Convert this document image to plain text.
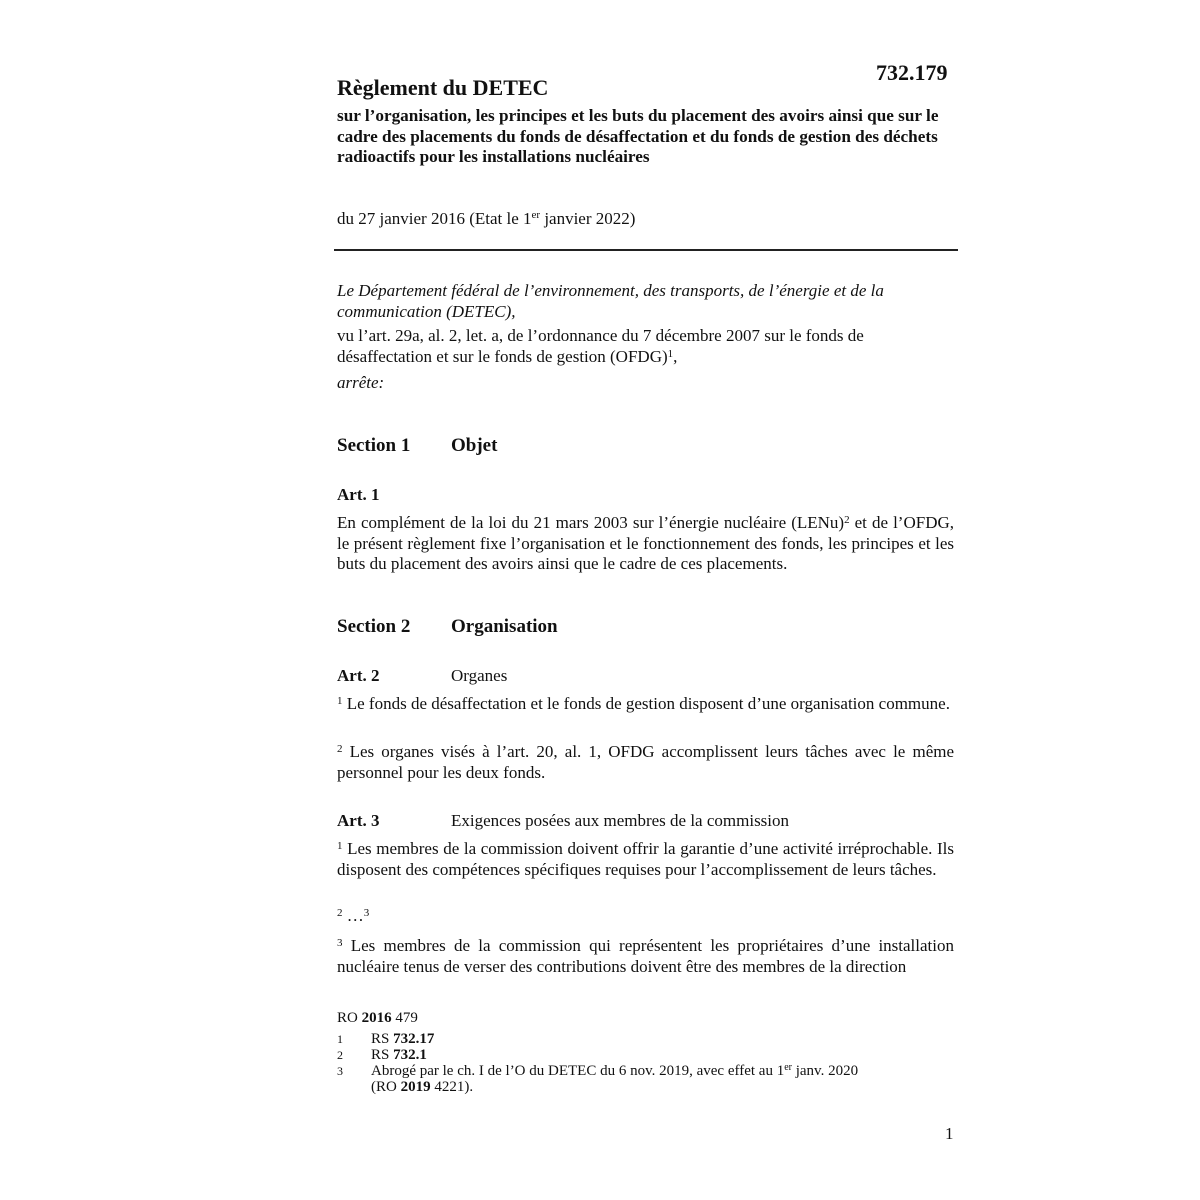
732.179
Règlement du DETEC
sur l’organisation, les principes et les buts du placement des avoirs ainsi que sur le cadre des placements du fonds de désaffectation et du fonds de gestion des déchets radioactifs pour les installations nucléaires
du 27 janvier 2016 (Etat le 1er janvier 2022)
Le Département fédéral de l’environnement, des transports, de l’énergie et de la communication (DETEC),
vu l’art. 29a, al. 2, let. a, de l’ordonnance du 7 décembre 2007 sur le fonds de désaffectation et sur le fonds de gestion (OFDG)$^1$,
arrête:
Section 1 Objet
Art. 1
En complément de la loi du 21 mars 2003 sur l’énergie nucléaire (LENu)$^2$ et de l’OFDG, le présent règlement fixe l’organisation et le fonctionnement des fonds, les principes et les buts du placement des avoirs ainsi que le cadre de ces placements.
Section 2 Organisation
Art. 2	Organes
$^1$ Le fonds de désaffectation et le fonds de gestion disposent d’une organisation commune.
$^2$ Les organes visés à l’art. 20, al. 1, OFDG accomplissent leurs tâches avec le même personnel pour les deux fonds.
Art. 3	Exigences posées aux membres de la commission
$^1$ Les membres de la commission doivent offrir la garantie d’une activité irréprochable. Ils disposent des compétences spécifiques requises pour l’accomplissement de leurs tâches.
$^2$ …$^3$
$^3$ Les membres de la commission qui représentent les propriétaires d’une installation nucléaire tenus de verser des contributions doivent être des membres de la direction
RO 2016 479
1 RS 732.17
2 RS 732.1
3 Abrogé par le ch. I de l’O du DETEC du 6 nov. 2019, avec effet au 1er janv. 2020
(RO 2019 4221).
1
